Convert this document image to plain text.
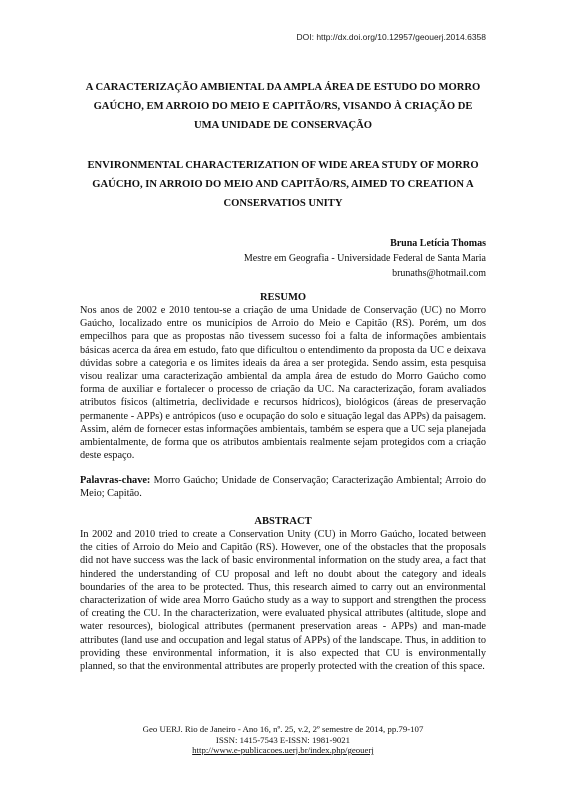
DOI: http://dx.doi.org/10.12957/geouerj.2014.6358
A CARACTERIZAÇÃO AMBIENTAL DA AMPLA ÁREA DE ESTUDO DO MORRO GAÚCHO, EM ARROIO DO MEIO E CAPITÃO/RS, VISANDO À CRIAÇÃO DE UMA UNIDADE DE CONSERVAÇÃO
ENVIRONMENTAL CHARACTERIZATION OF WIDE AREA STUDY OF MORRO GAÚCHO, IN ARROIO DO MEIO AND CAPITÃO/RS, AIMED TO CREATION A CONSERVATIOS UNITY
Bruna Letícia Thomas
Mestre em Geografia - Universidade Federal de Santa Maria
brunaths@hotmail.com
RESUMO

Nos anos de 2002 e 2010 tentou-se a criação de uma Unidade de Conservação (UC) no Morro Gaúcho, localizado entre os municípios de Arroio do Meio e Capitão (RS). Porém, um dos empecilhos para que as propostas não tivessem sucesso foi a falta de informações ambientais básicas acerca da área em estudo, fato que dificultou o entendimento da proposta da UC e deixava dúvidas sobre a categoria e os limites ideais da área a ser protegida. Sendo assim, esta pesquisa visou realizar uma caracterização ambiental da ampla área de estudo do Morro Gaúcho como forma de auxiliar e fortalecer o processo de criação da UC. Na caracterização, foram avaliados atributos físicos (altimetria, declividade e recursos hídricos), biológicos (áreas de preservação permanente - APPs) e antrópicos (uso e ocupação do solo e situação legal das APPs) da paisagem. Assim, além de fornecer estas informações ambientais, também se espera que a UC seja planejada ambientalmente, de forma que os atributos ambientais realmente sejam protegidos com a criação deste espaço.

Palavras-chave: Morro Gaúcho; Unidade de Conservação; Caracterização Ambiental; Arroio do Meio; Capitão.

ABSTRACT

In 2002 and 2010 tried to create a Conservation Unity (CU) in Morro Gaúcho, located between the cities of Arroio do Meio and Capitão (RS). However, one of the obstacles that the proposals did not have success was the lack of basic environmental information on the study area, a fact that hindered the understanding of CU proposal and left no doubt about the category and ideals boundaries of the area to be protected. Thus, this research aimed to carry out an environmental characterization of wide area Morro Gaúcho study as a way to support and strengthen the process of creating the CU. In the characterization, were evaluated physical attributes (altitude, slope and water resources), biological attributes (permanent preservation areas - APPs) and man-made attributes (land use and occupation and legal status of APPs) of the landscape. Thus, in addition to providing these environmental information, it is also expected that CU is environmentally planned, so that the environmental attributes are properly protected with the creation of this space.

Geo UERJ. Rio de Janeiro - Ano 16, nº. 25, v.2, 2º semestre de 2014, pp.79-107
ISSN: 1415-7543 E-ISSN: 1981-9021
http://www.e-publicacoes.uerj.br/index.php/geouerj
